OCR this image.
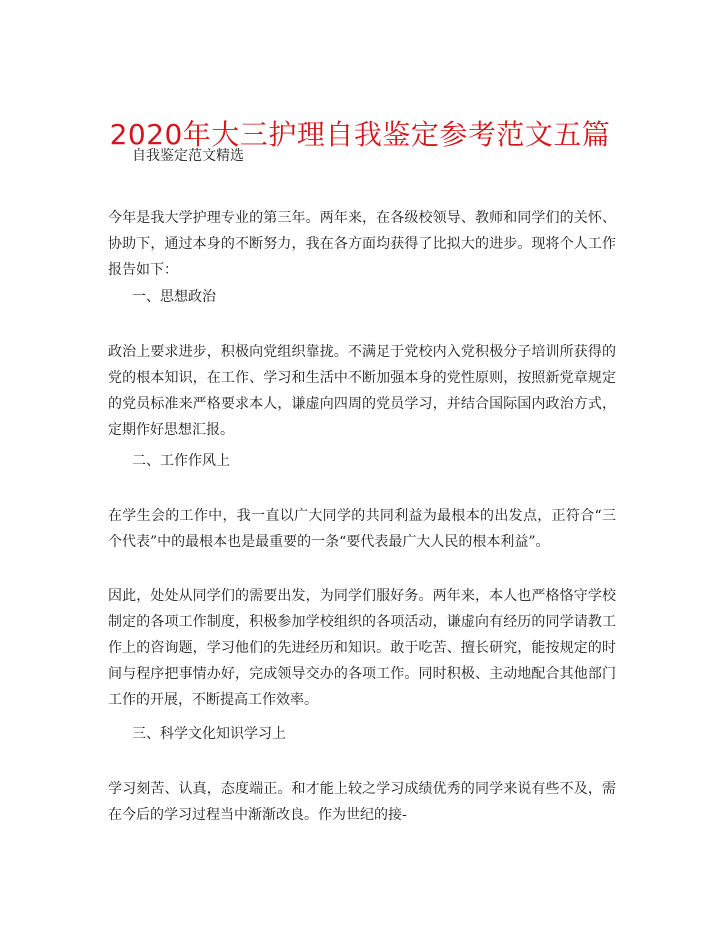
2020年大三护理自我鉴定参考范文五篇
自我鉴定范文精选

今年是我大学护理专业的第三年。两年来，在各级校领导、教师和同学们的关怀、协助下，通过本身的不断努力，我在各方面均获得了比拟大的进步。现将个人工作报告如下：

一、思想政治

政治上要求进步，积极向党组织靠拢。不满足于党校内入党积极分子培训所获得的党的根本知识，在工作、学习和生活中不断加强本身的党性原则，按照新党章规定的党员标准来严格要求本人，谦虚向四周的党员学习，并结合国际国内政治方式，定期作好思想汇报。

二、工作作风上

在学生会的工作中，我一直以广大同学的共同利益为最根本的出发点，正符合“三个代表”中的最根本也是最重要的一条“要代表最广大人民的根本利益”。

因此，处处从同学们的需要出发，为同学们服好务。两年来，本人也严格恪守学校制定的各项工作制度，积极参加学校组织的各项活动，谦虚向有经历的同学请教工作上的咨询题，学习他们的先进经历和知识。敢于吃苦、擅长研究，能按规定的时间与程序把事情办好，完成领导交办的各项工作。同时积极、主动地配合其他部门工作的开展，不断提高工作效率。

三、科学文化知识学习上

学习刻苦、认真，态度端正。和才能上较之学习成绩优秀的同学来说有些不及，需在今后的学习过程当中渐渐改良。作为世纪的接-
